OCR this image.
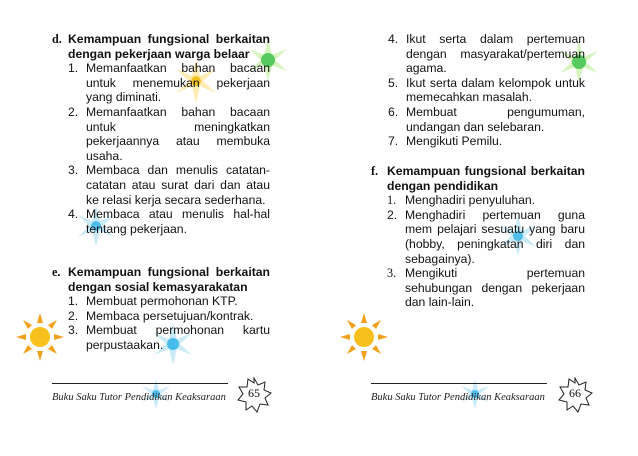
d. Kemampuan fungsional berkaitan dengan pekerjaan warga belaar
1. Memanfaatkan bahan bacaan untuk menemukan pekerjaan yang diminati.
2. Memanfaatkan bahan bacaan untuk meningkatkan pekerjaannya atau membuka usaha.
3. Membaca dan menulis catatan-catatan atau surat dari dan atau ke relasi kerja secara sederhana.
4. Membaca atau menulis hal-hal tentang pekerjaan.
e. Kemampuan fungsional berkaitan dengan sosial kemasyarakatan
1. Membuat permohonan KTP.
2. Membaca persetujuan/kontrak.
3. Membuat permohonan kartu perpustaakan.
Buku Saku Tutor Pendidikan Keaksaraan	65
4. Ikut serta dalam pertemuan dengan masyarakat/pertemuan agama.
5. Ikut serta dalam kelompok untuk memecahkan masalah.
6. Membuat pengumuman, undangan dan selebaran.
7. Mengikuti Pemilu.
f. Kemampuan fungsional berkaitan dengan pendidikan
1. Menghadiri penyuluhan.
2. Menghadiri pertemuan guna mem pelajari sesuatu yang baru (hobby, peningkatan diri dan sebagainya).
3. Mengikuti pertemuan sehubungan dengan pekerjaan dan lain-lain.
Buku Saku Tutor Pendidikan Keaksaraan	66
